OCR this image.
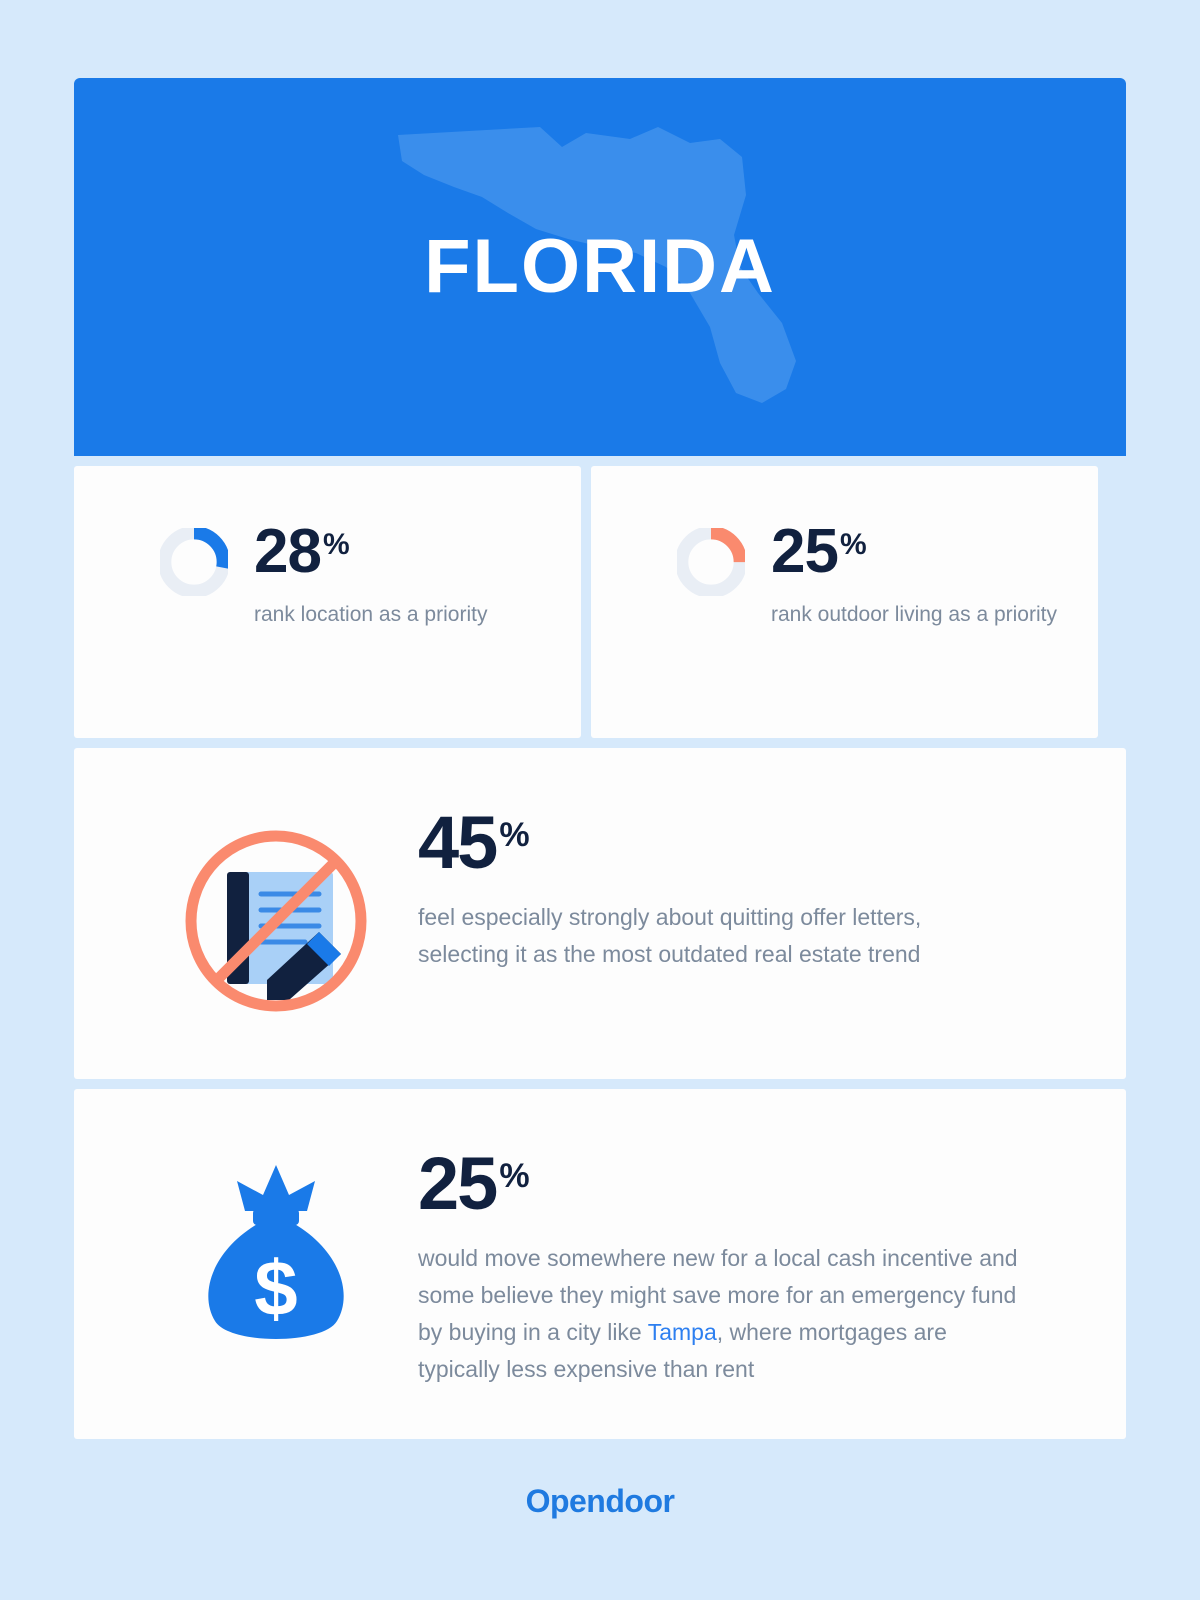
FLORIDA
28%
rank location as a priority
25%
rank outdoor living as a priority
45%
feel especially strongly about quitting offer letters, selecting it as the most outdated real estate trend
$
25%
would move somewhere new for a local cash incentive and some believe they might save more for an emergency fund by buying in a city like Tampa, where mortgages are typically less expensive than rent
Opendoor
